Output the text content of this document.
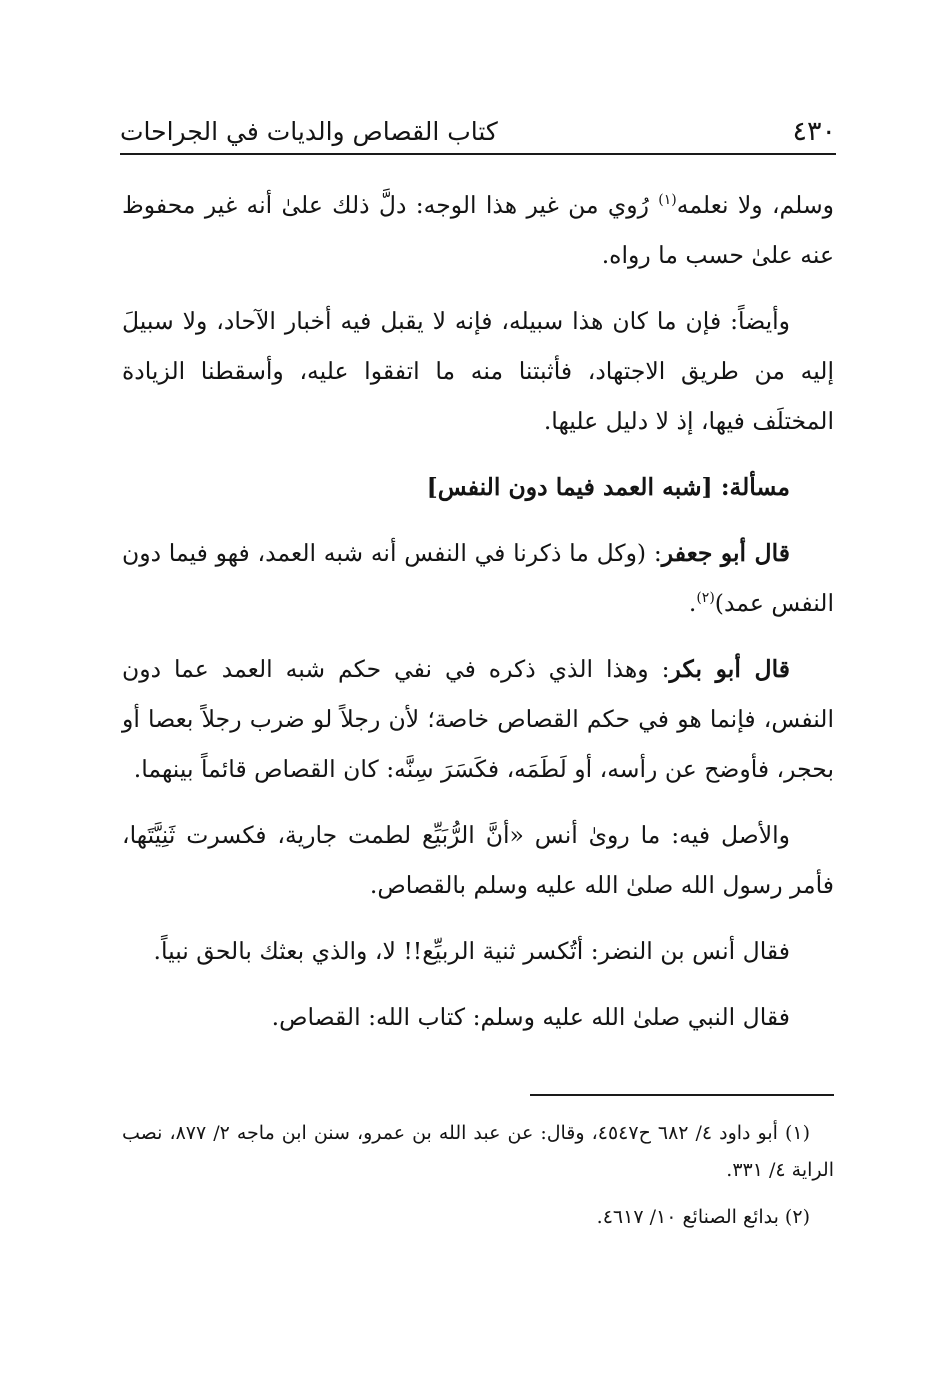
٤٣٠
كتاب القصاص والديات في الجراحات

وسلم، ولا نعلمه$^{(١)}$ رُوي من غير هذا الوجه: دلَّ ذلك علىٰ أنه غير محفوظ عنه علىٰ حسب ما رواه.

وأيضاً: فإن ما كان هذا سبيله، فإنه لا يقبل فيه أخبار الآحاد، ولا سبيلَ إليه من طريق الاجتهاد، فأثبتنا منه ما اتفقوا عليه، وأسقطنا الزيادة المختلَف فيها، إذ لا دليل عليها.

مسألة: [شبه العمد فيما دون النفس]

قال أبو جعفر: (وكل ما ذكرنا في النفس أنه شبه العمد، فهو فيما دون النفس عمد)$^{(٢)}$.

قال أبو بكر: وهذا الذي ذكره في نفي حكم شبه العمد عما دون النفس، فإنما هو في حكم القصاص خاصة؛ لأن رجلاً لو ضرب رجلاً بعصا أو بحجر، فأوضح عن رأسه، أو لَطَمَه، فكَسَرَ سِنَّه: كان القصاص قائماً بينهما.

والأصل فيه: ما روىٰ أنس «أنَّ الرُّبَيِّع لطمت جارية، فكسرت ثَنِيَّتَها، فأمر رسول الله صلىٰ الله عليه وسلم بالقصاص.

فقال أنس بن النضر: أتُكسر ثنية الربيِّع!! لا، والذي بعثك بالحق نبياً.

فقال النبي صلىٰ الله عليه وسلم: كتاب الله: القصاص.

(١) أبو داود ٤/ ٦٨٢ ح٤٥٤٧، وقال: عن عبد الله بن عمرو، سنن ابن ماجه ٢/ ٨٧٧، نصب الراية ٤/ ٣٣١.

(٢) بدائع الصنائع ١٠/ ٤٦١٧.
